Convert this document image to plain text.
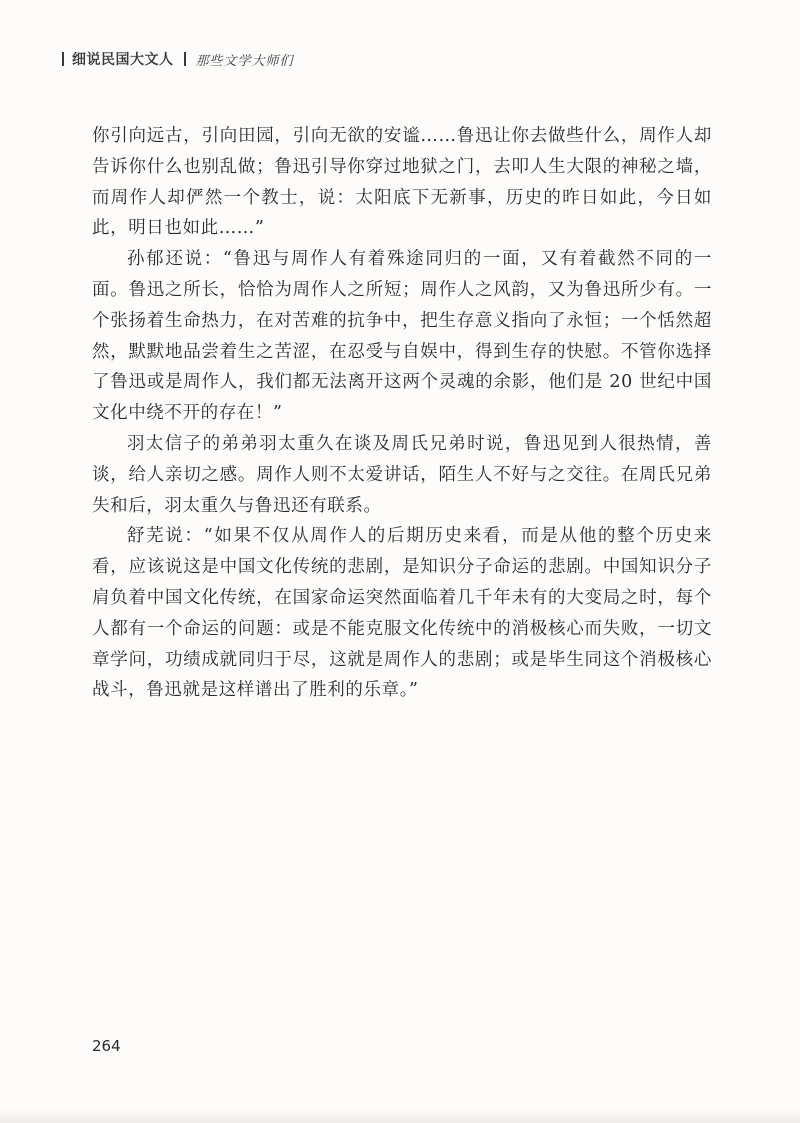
细说民国大文人 那些文学大师们

你引向远古，引向田园，引向无欲的安谧……鲁迅让你去做些什么，周作人却告诉你什么也别乱做；鲁迅引导你穿过地狱之门，去叩人生大限的神秘之墙，而周作人却俨然一个教士，说：太阳底下无新事，历史的昨日如此，今日如此，明日也如此……”

孙郁还说：“鲁迅与周作人有着殊途同归的一面，又有着截然不同的一面。鲁迅之所长，恰恰为周作人之所短；周作人之风韵，又为鲁迅所少有。一个张扬着生命热力，在对苦难的抗争中，把生存意义指向了永恒；一个恬然超然，默默地品尝着生之苦涩，在忍受与自娱中，得到生存的快慰。不管你选择了鲁迅或是周作人，我们都无法离开这两个灵魂的余影，他们是 20 世纪中国文化中绕不开的存在！”

羽太信子的弟弟羽太重久在谈及周氏兄弟时说，鲁迅见到人很热情，善谈，给人亲切之感。周作人则不太爱讲话，陌生人不好与之交往。在周氏兄弟失和后，羽太重久与鲁迅还有联系。

舒芜说：“如果不仅从周作人的后期历史来看，而是从他的整个历史来看，应该说这是中国文化传统的悲剧，是知识分子命运的悲剧。中国知识分子肩负着中国文化传统，在国家命运突然面临着几千年未有的大变局之时，每个人都有一个命运的问题：或是不能克服文化传统中的消极核心而失败，一切文章学问，功绩成就同归于尽，这就是周作人的悲剧；或是毕生同这个消极核心战斗，鲁迅就是这样谱出了胜利的乐章。”

264
